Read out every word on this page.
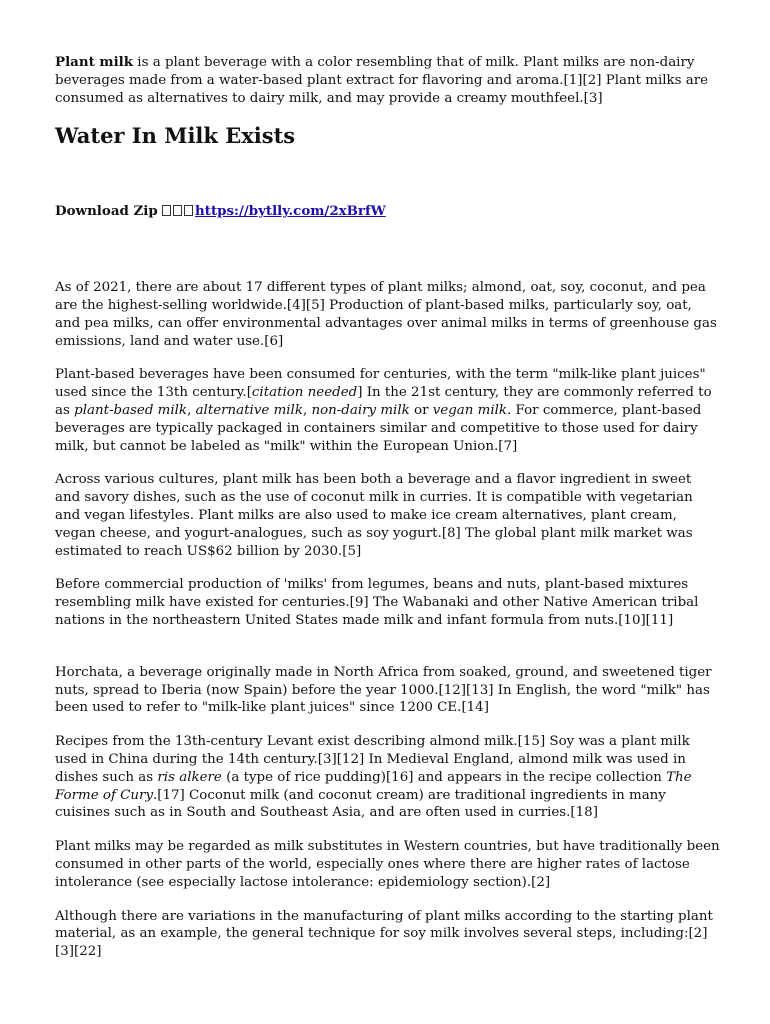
Plant milk is a plant beverage with a color resembling that of milk. Plant milks are non-dairy beverages made from a water-based plant extract for flavoring and aroma.[1][2] Plant milks are consumed as alternatives to dairy milk, and may provide a creamy mouthfeel.[3]

Water In Milk Exists
Download Zip	https://bytlly.com/2xBrfW

As of 2021, there are about 17 different types of plant milks; almond, oat, soy, coconut, and pea are the highest-selling worldwide.[4][5] Production of plant-based milks, particularly soy, oat, and pea milks, can offer environmental advantages over animal milks in terms of greenhouse gas emissions, land and water use.[6]

Plant-based beverages have been consumed for centuries, with the term "milk-like plant juices" used since the 13th century.[citation needed] In the 21st century, they are commonly referred to as plant-based milk, alternative milk, non-dairy milk or vegan milk. For commerce, plant-based beverages are typically packaged in containers similar and competitive to those used for dairy milk, but cannot be labeled as "milk" within the European Union.[7]

Across various cultures, plant milk has been both a beverage and a flavor ingredient in sweet and savory dishes, such as the use of coconut milk in curries. It is compatible with vegetarian and vegan lifestyles. Plant milks are also used to make ice cream alternatives, plant cream, vegan cheese, and yogurt-analogues, such as soy yogurt.[8] The global plant milk market was estimated to reach US$62 billion by 2030.[5]

Before commercial production of 'milks' from legumes, beans and nuts, plant-based mixtures resembling milk have existed for centuries.[9] The Wabanaki and other Native American tribal nations in the northeastern United States made milk and infant formula from nuts.[10][11]

Horchata, a beverage originally made in North Africa from soaked, ground, and sweetened tiger nuts, spread to Iberia (now Spain) before the year 1000.[12][13] In English, the word "milk" has been used to refer to "milk-like plant juices" since 1200 CE.[14]

Recipes from the 13th-century Levant exist describing almond milk.[15] Soy was a plant milk used in China during the 14th century.[3][12] In Medieval England, almond milk was used in dishes such as ris alkere (a type of rice pudding)[16] and appears in the recipe collection The Forme of Cury.[17] Coconut milk (and coconut cream) are traditional ingredients in many cuisines such as in South and Southeast Asia, and are often used in curries.[18]

Plant milks may be regarded as milk substitutes in Western countries, but have traditionally been consumed in other parts of the world, especially ones where there are higher rates of lactose intolerance (see especially lactose intolerance: epidemiology section).[2]

Although there are variations in the manufacturing of plant milks according to the starting plant material, as an example, the general technique for soy milk involves several steps, including:[2][3][22]
